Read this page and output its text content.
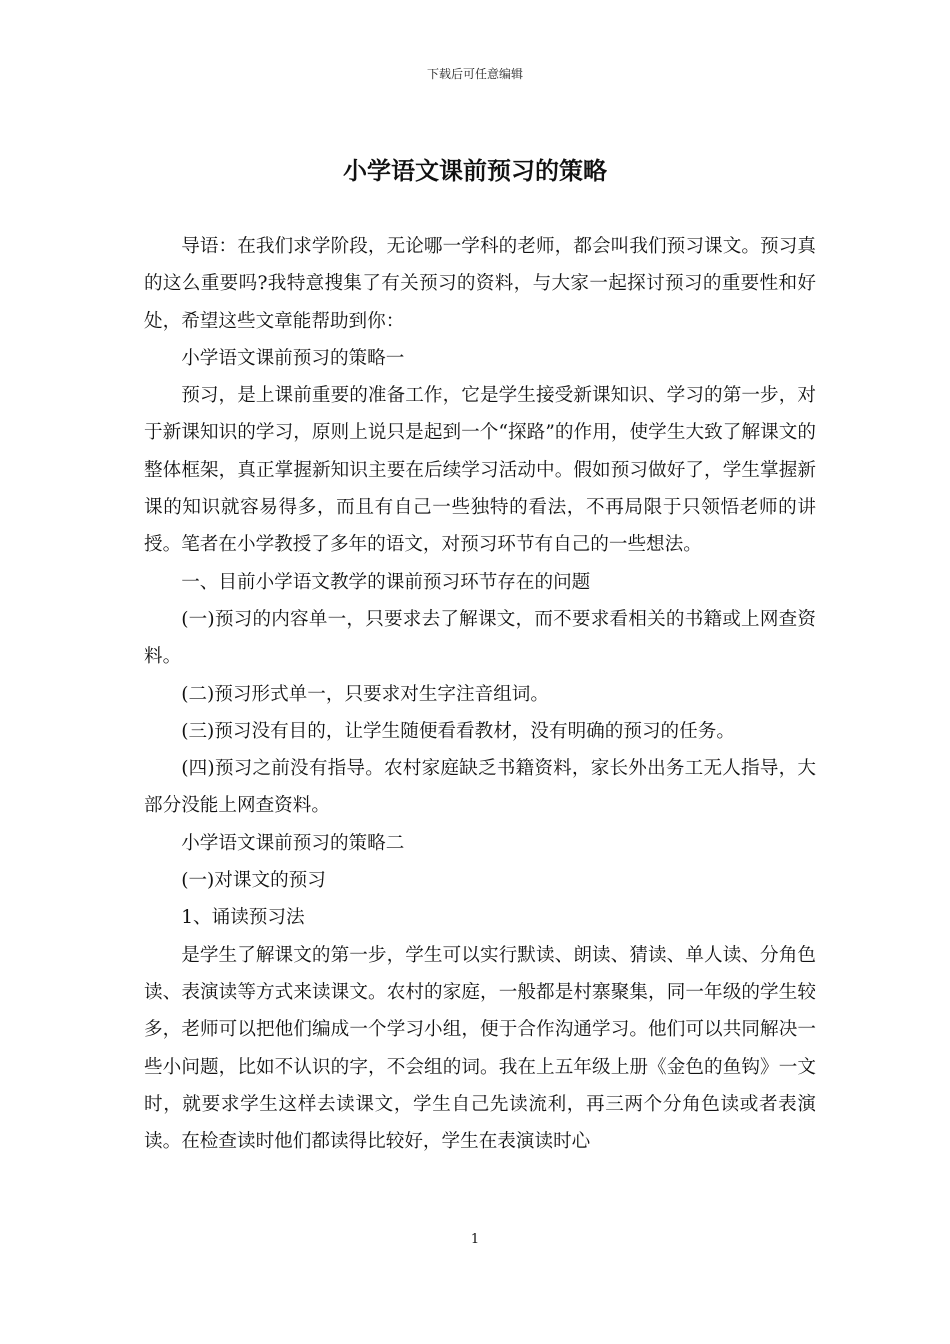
下载后可任意编辑
小学语文课前预习的策略

导语：在我们求学阶段，无论哪一学科的老师，都会叫我们预习课文。预习真的这么重要吗?我特意搜集了有关预习的资料，与大家一起探讨预习的重要性和好处，希望这些文章能帮助到你：

小学语文课前预习的策略一

预习，是上课前重要的准备工作，它是学生接受新课知识、学习的第一步，对于新课知识的学习，原则上说只是起到一个“探路”的作用，使学生大致了解课文的整体框架，真正掌握新知识主要在后续学习活动中。假如预习做好了，学生掌握新课的知识就容易得多，而且有自己一些独特的看法，不再局限于只领悟老师的讲授。笔者在小学教授了多年的语文，对预习环节有自己的一些想法。

一、目前小学语文教学的课前预习环节存在的问题

(一)预习的内容单一，只要求去了解课文，而不要求看相关的书籍或上网查资料。

(二)预习形式单一，只要求对生字注音组词。

(三)预习没有目的，让学生随便看看教材，没有明确的预习的任务。

(四)预习之前没有指导。农村家庭缺乏书籍资料，家长外出务工无人指导，大部分没能上网查资料。

小学语文课前预习的策略二

(一)对课文的预习

1、诵读预习法

是学生了解课文的第一步，学生可以实行默读、朗读、猜读、单人读、分角色读、表演读等方式来读课文。农村的家庭，一般都是村寨聚集，同一年级的学生较多，老师可以把他们编成一个学习小组，便于合作沟通学习。他们可以共同解决一些小问题，比如不认识的字，不会组的词。我在上五年级上册《金色的鱼钩》一文时，就要求学生这样去读课文，学生自己先读流利，再三两个分角色读或者表演读。在检查读时他们都读得比较好，学生在表演读时心

1
